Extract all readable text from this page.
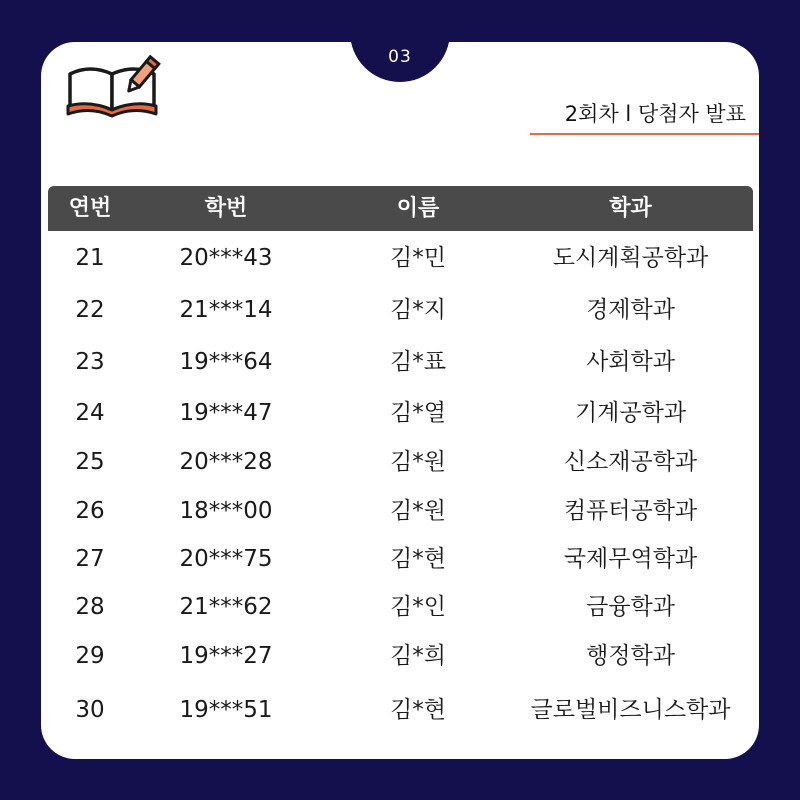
03
2회차 l 당첨자 발표
연번	학번	이름	학과
21	20***43	김*민	도시계획공학과
22	21***14	김*지	경제학과
23	19***64	김*표	사회학과
24	19***47	김*열	기계공학과
25	20***28	김*원	신소재공학과
26	18***00	김*원	컴퓨터공학과
27	20***75	김*현	국제무역학과
28	21***62	김*인	금융학과
29	19***27	김*희	행정학과
30	19***51	김*현	글로벌비즈니스학과
